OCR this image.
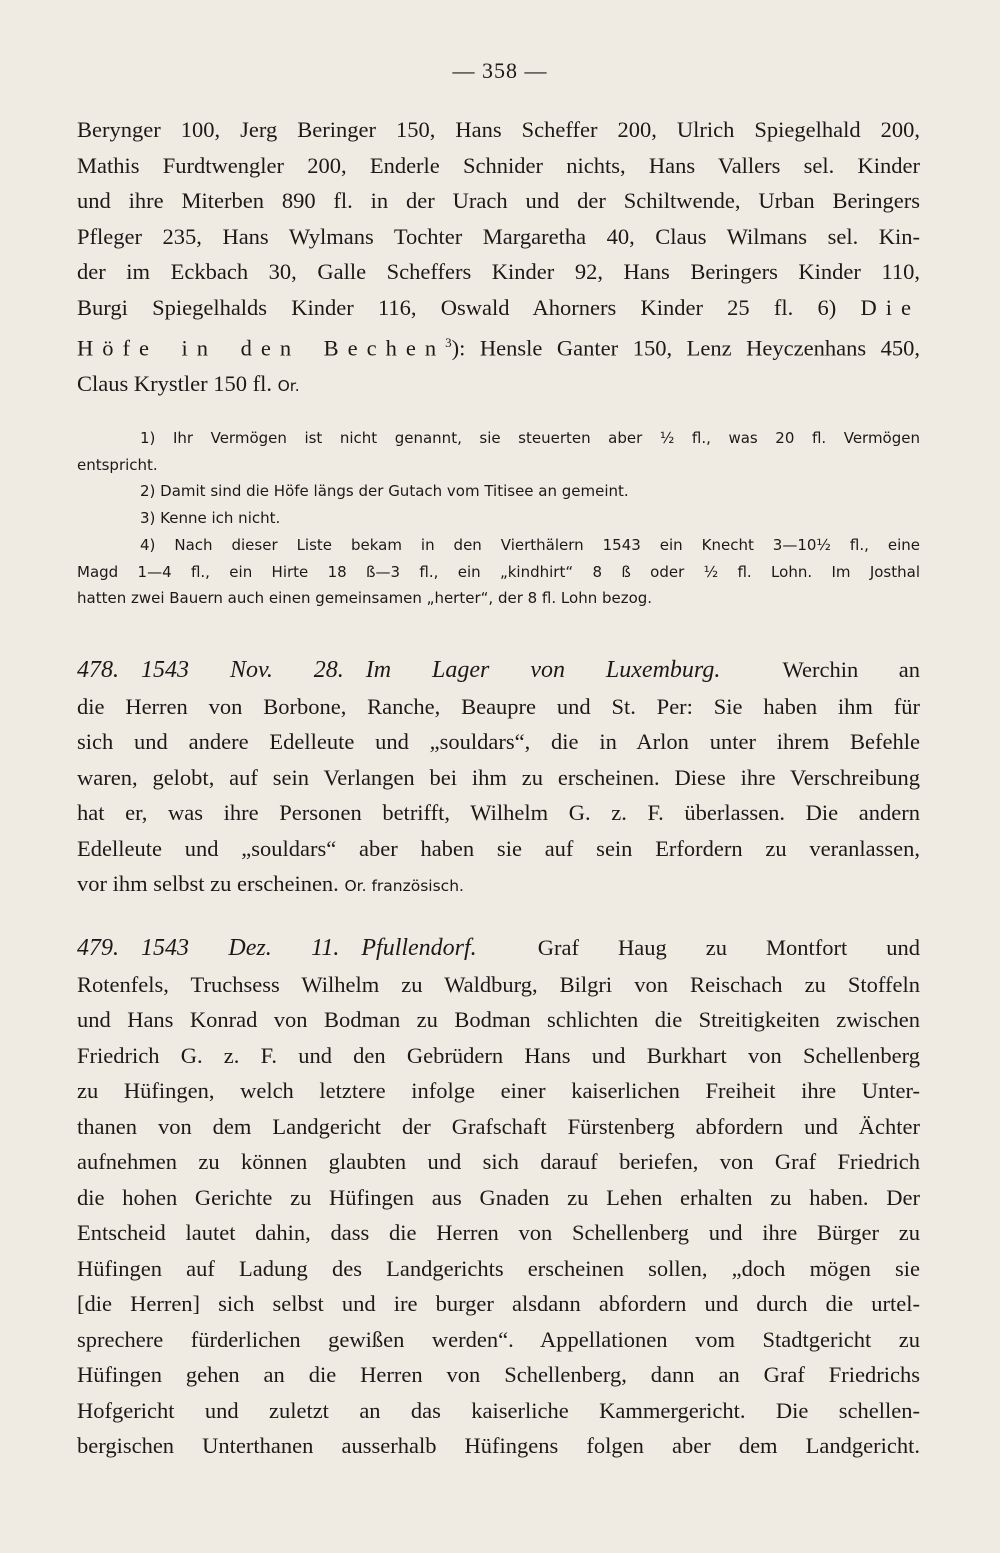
— 358 —
Berynger 100, Jerg Beringer 150, Hans Scheffer 200, Ulrich Spiegelhald 200,
Mathis Furdtwengler 200, Enderle Schnider nichts, Hans Vallers sel. Kinder
und ihre Miterben 890 fl. in der Urach und der Schiltwende, Urban Beringers
Pfleger 235, Hans Wylmans Tochter Margaretha 40, Claus Wilmans sel. Kin-
der im Eckbach 30, Galle Scheffers Kinder 92, Hans Beringers Kinder 110,
Burgi Spiegelhalds Kinder 116, Oswald Ahorners Kinder 25 fl. 6) Die
Höfe in den Bechen$^3$): Hensle Ganter 150, Lenz Heyczenhans 450,
Claus Krystler 150 fl. Or.
1) Ihr Vermögen ist nicht genannt, sie steuerten aber ½ fl., was 20 fl. Vermögen
entspricht.
2) Damit sind die Höfe längs der Gutach vom Titisee an gemeint.
3) Kenne ich nicht.
4) Nach dieser Liste bekam in den Vierthälern 1543 ein Knecht 3—10½ fl., eine
Magd 1—4 fl., ein Hirte 18 ß—3 fl., ein „kindhirt“ 8 ß oder ½ fl. Lohn. Im Josthal
hatten zwei Bauern auch einen gemeinsamen „herter“, der 8 fl. Lohn bezog.
478. 1543 Nov. 28. Im Lager von Luxemburg.	Werchin an
die Herren von Borbone, Ranche, Beaupre und St. Per: Sie haben ihm für
sich und andere Edelleute und „souldars“, die in Arlon unter ihrem Befehle
waren, gelobt, auf sein Verlangen bei ihm zu erscheinen. Diese ihre Verschreibung
hat er, was ihre Personen betrifft, Wilhelm G. z. F. überlassen. Die andern
Edelleute und „souldars“ aber haben sie auf sein Erfordern zu veranlassen,
vor ihm selbst zu erscheinen. Or. französisch.
479. 1543 Dez. 11. Pfullendorf.	Graf Haug zu Montfort und
Rotenfels, Truchsess Wilhelm zu Waldburg, Bilgri von Reischach zu Stoffeln
und Hans Konrad von Bodman zu Bodman schlichten die Streitigkeiten zwischen
Friedrich G. z. F. und den Gebrüdern Hans und Burkhart von Schellenberg
zu Hüfingen, welch letztere infolge einer kaiserlichen Freiheit ihre Unter-
thanen von dem Landgericht der Grafschaft Fürstenberg abfordern und Ächter
aufnehmen zu können glaubten und sich darauf beriefen, von Graf Friedrich
die hohen Gerichte zu Hüfingen aus Gnaden zu Lehen erhalten zu haben. Der
Entscheid lautet dahin, dass die Herren von Schellenberg und ihre Bürger zu
Hüfingen auf Ladung des Landgerichts erscheinen sollen, „doch mögen sie
[die Herren] sich selbst und ire burger alsdann abfordern und durch die urtel-
sprechere fürderlichen gewißen werden“. Appellationen vom Stadtgericht zu
Hüfingen gehen an die Herren von Schellenberg, dann an Graf Friedrichs
Hofgericht und zuletzt an das kaiserliche Kammergericht. Die schellen-
bergischen Unterthanen ausserhalb Hüfingens folgen aber dem Landgericht.
